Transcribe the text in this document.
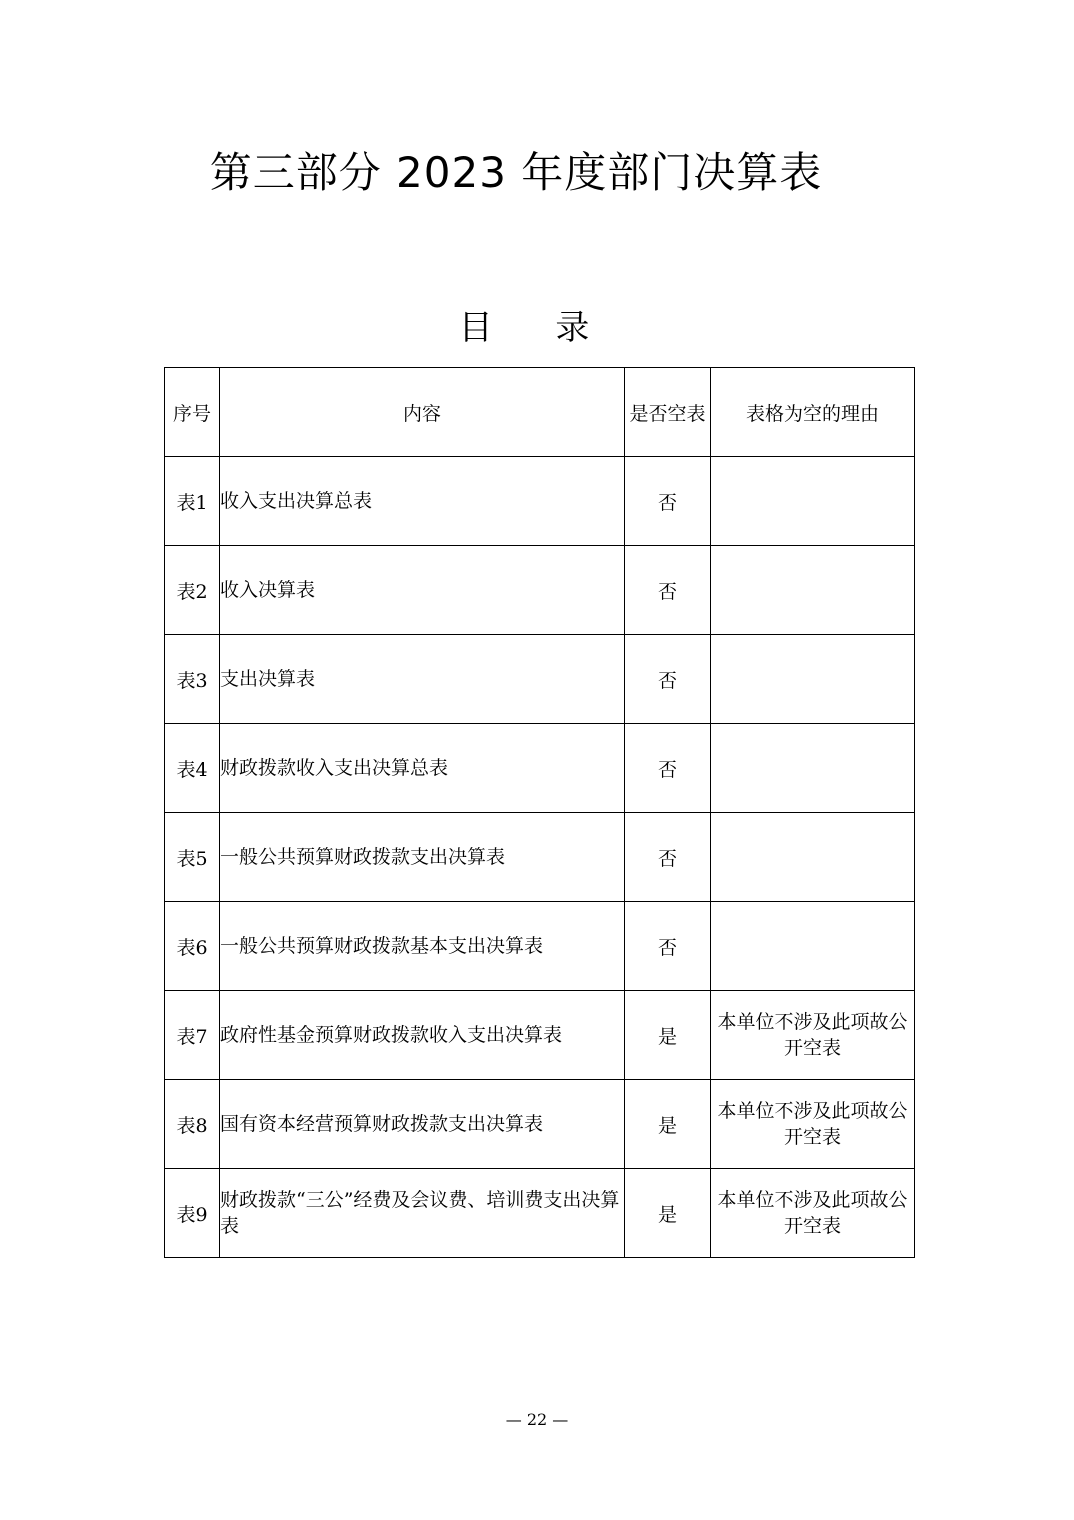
第三部分 2023 年度部门决算表
目 录
序号	内容	是否空表	表格为空的理由
表1	收入支出决算总表	否	
表2	收入决算表	否	
表3	支出决算表	否	
表4	财政拨款收入支出决算总表	否	
表5	一般公共预算财政拨款支出决算表	否	
表6	一般公共预算财政拨款基本支出决算表	否	
表7	政府性基金预算财政拨款收入支出决算表	是	本单位不涉及此项故公开空表
表8	国有资本经营预算财政拨款支出决算表	是	本单位不涉及此项故公开空表
表9	财政拨款“三公”经费及会议费、培训费支出决算表	是	本单位不涉及此项故公开空表
— 22 —
